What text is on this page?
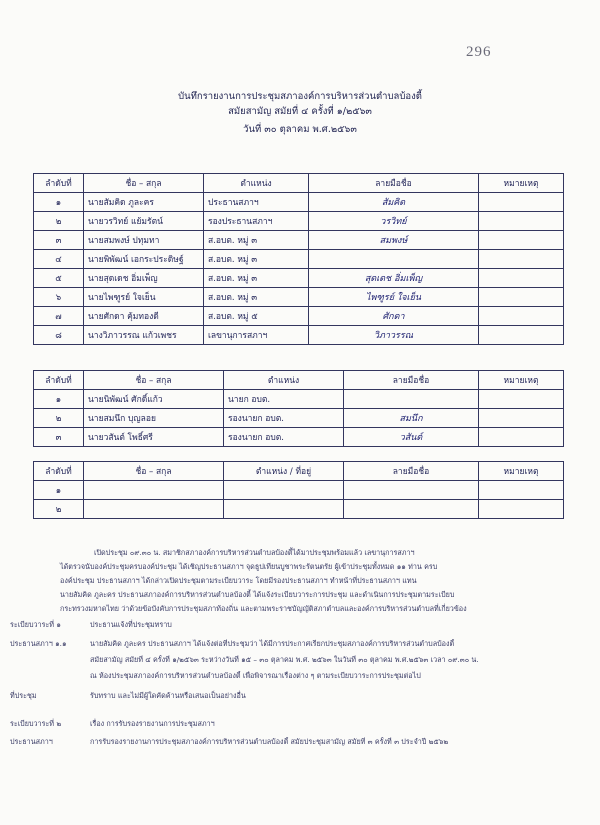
296
บันทึกรายงานการประชุมสภาองค์การบริหารส่วนตำบลบ้องตี้
สมัยสามัญ สมัยที่ ๔ ครั้งที่ ๑/๒๕๖๓
วันที่ ๓๐ ตุลาคม พ.ศ.๒๕๖๓
ลำดับที่	ชื่อ – สกุล	ตำแหน่ง	ลายมือชื่อ	หมายเหตุ
๑	นายสัมคิด ภูละคร	ประธานสภาฯ	สัมคิด	
๒	นายวรวิทย์ แย้มรัตน์	รองประธานสภาฯ	วรวิทย์	
๓	นายสมพงษ์ ปทุมทา	ส.อบต. หมู่ ๓	สมพงษ์	
๔	นายพิพัฒน์ เอกระประดิษฐ์	ส.อบต. หมู่ ๓		
๕	นายสุดเดช อิ่มเพ็ญ	ส.อบต. หมู่ ๓	สุดเดช อิ่มเพ็ญ	
๖	นายไพฑูรย์ ใจเย็น	ส.อบต. หมู่ ๓	ไพฑูรย์ ใจเย็น	
๗	นายศักดา คุ้มทองดี	ส.อบต. หมู่ ๕	ศักดา	
๘	นางวิภาวรรณ แก้วเพชร	เลขานุการสภาฯ	วิภาวรรณ	
ลำดับที่	ชื่อ – สกุล	ตำแหน่ง	ลายมือชื่อ	หมายเหตุ
๑	นายนิพัฒน์ ศักดิ์แก้ว	นายก อบต.		
๒	นายสมนึก บุญลอย	รองนายก อบต.	สมนึก	
๓	นายวสันต์ โพธิ์ศรี	รองนายก อบต.	วสันต์	
ลำดับที่	ชื่อ – สกุล	ตำแหน่ง / ที่อยู่	ลายมือชื่อ	หมายเหตุ
๑				
๒				
เปิดประชุม ๐๙.๓๐ น. สมาชิกสภาองค์การบริหารส่วนตำบลบ้องตี้ได้มาประชุมพร้อมแล้ว เลขานุการสภาฯ
ได้ตรวจนับองค์ประชุมครบองค์ประชุม ได้เชิญประธานสภาฯ จุดธูปเทียนบูชาพระรัตนตรัย ผู้เข้าประชุมทั้งหมด ๑๑ ท่าน ครบ
องค์ประชุม ประธานสภาฯ ได้กล่าวเปิดประชุมตามระเบียบวาระ โดยมีรองประธานสภาฯ ทำหน้าที่ประธานสภาฯ แทน
นายสัมคิด ภูละคร ประธานสภาองค์การบริหารส่วนตำบลบ้องตี้ ได้แจ้งระเบียบวาระการประชุม และดำเนินการประชุมตามระเบียบ
กระทรวงมหาดไทย ว่าด้วยข้อบังคับการประชุมสภาท้องถิ่น และตามพระราชบัญญัติสภาตำบลและองค์การบริหารส่วนตำบลที่เกี่ยวข้อง
ระเบียบวาระที่ ๑	ประธานแจ้งที่ประชุมทราบ
ประธานสภาฯ ๑.๑	นายสัมคิด ภูละคร ประธานสภาฯ ได้แจ้งต่อที่ประชุมว่า ได้มีการประกาศเรียกประชุมสภาองค์การบริหารส่วนตำบลบ้องตี้
สมัยสามัญ สมัยที่ ๔ ครั้งที่ ๑/๒๕๖๓ ระหว่างวันที่ ๑๕ – ๓๐ ตุลาคม พ.ศ. ๒๕๖๓ ในวันที่ ๓๐ ตุลาคม พ.ศ.๒๕๖๓ เวลา ๐๙.๓๐ น.
ณ ห้องประชุมสภาองค์การบริหารส่วนตำบลบ้องตี้ เพื่อพิจารณาเรื่องต่าง ๆ ตามระเบียบวาระการประชุมต่อไป
ที่ประชุม	รับทราบ และไม่มีผู้ใดคัดค้านหรือเสนอเป็นอย่างอื่น
ระเบียบวาระที่ ๒	เรื่อง การรับรองรายงานการประชุมสภาฯ
ประธานสภาฯ	การรับรองรายงานการประชุมสภาองค์การบริหารส่วนตำบลบ้องตี้ สมัยประชุมสามัญ สมัยที่ ๓ ครั้งที่ ๓ ประจำปี ๒๕๖๒
